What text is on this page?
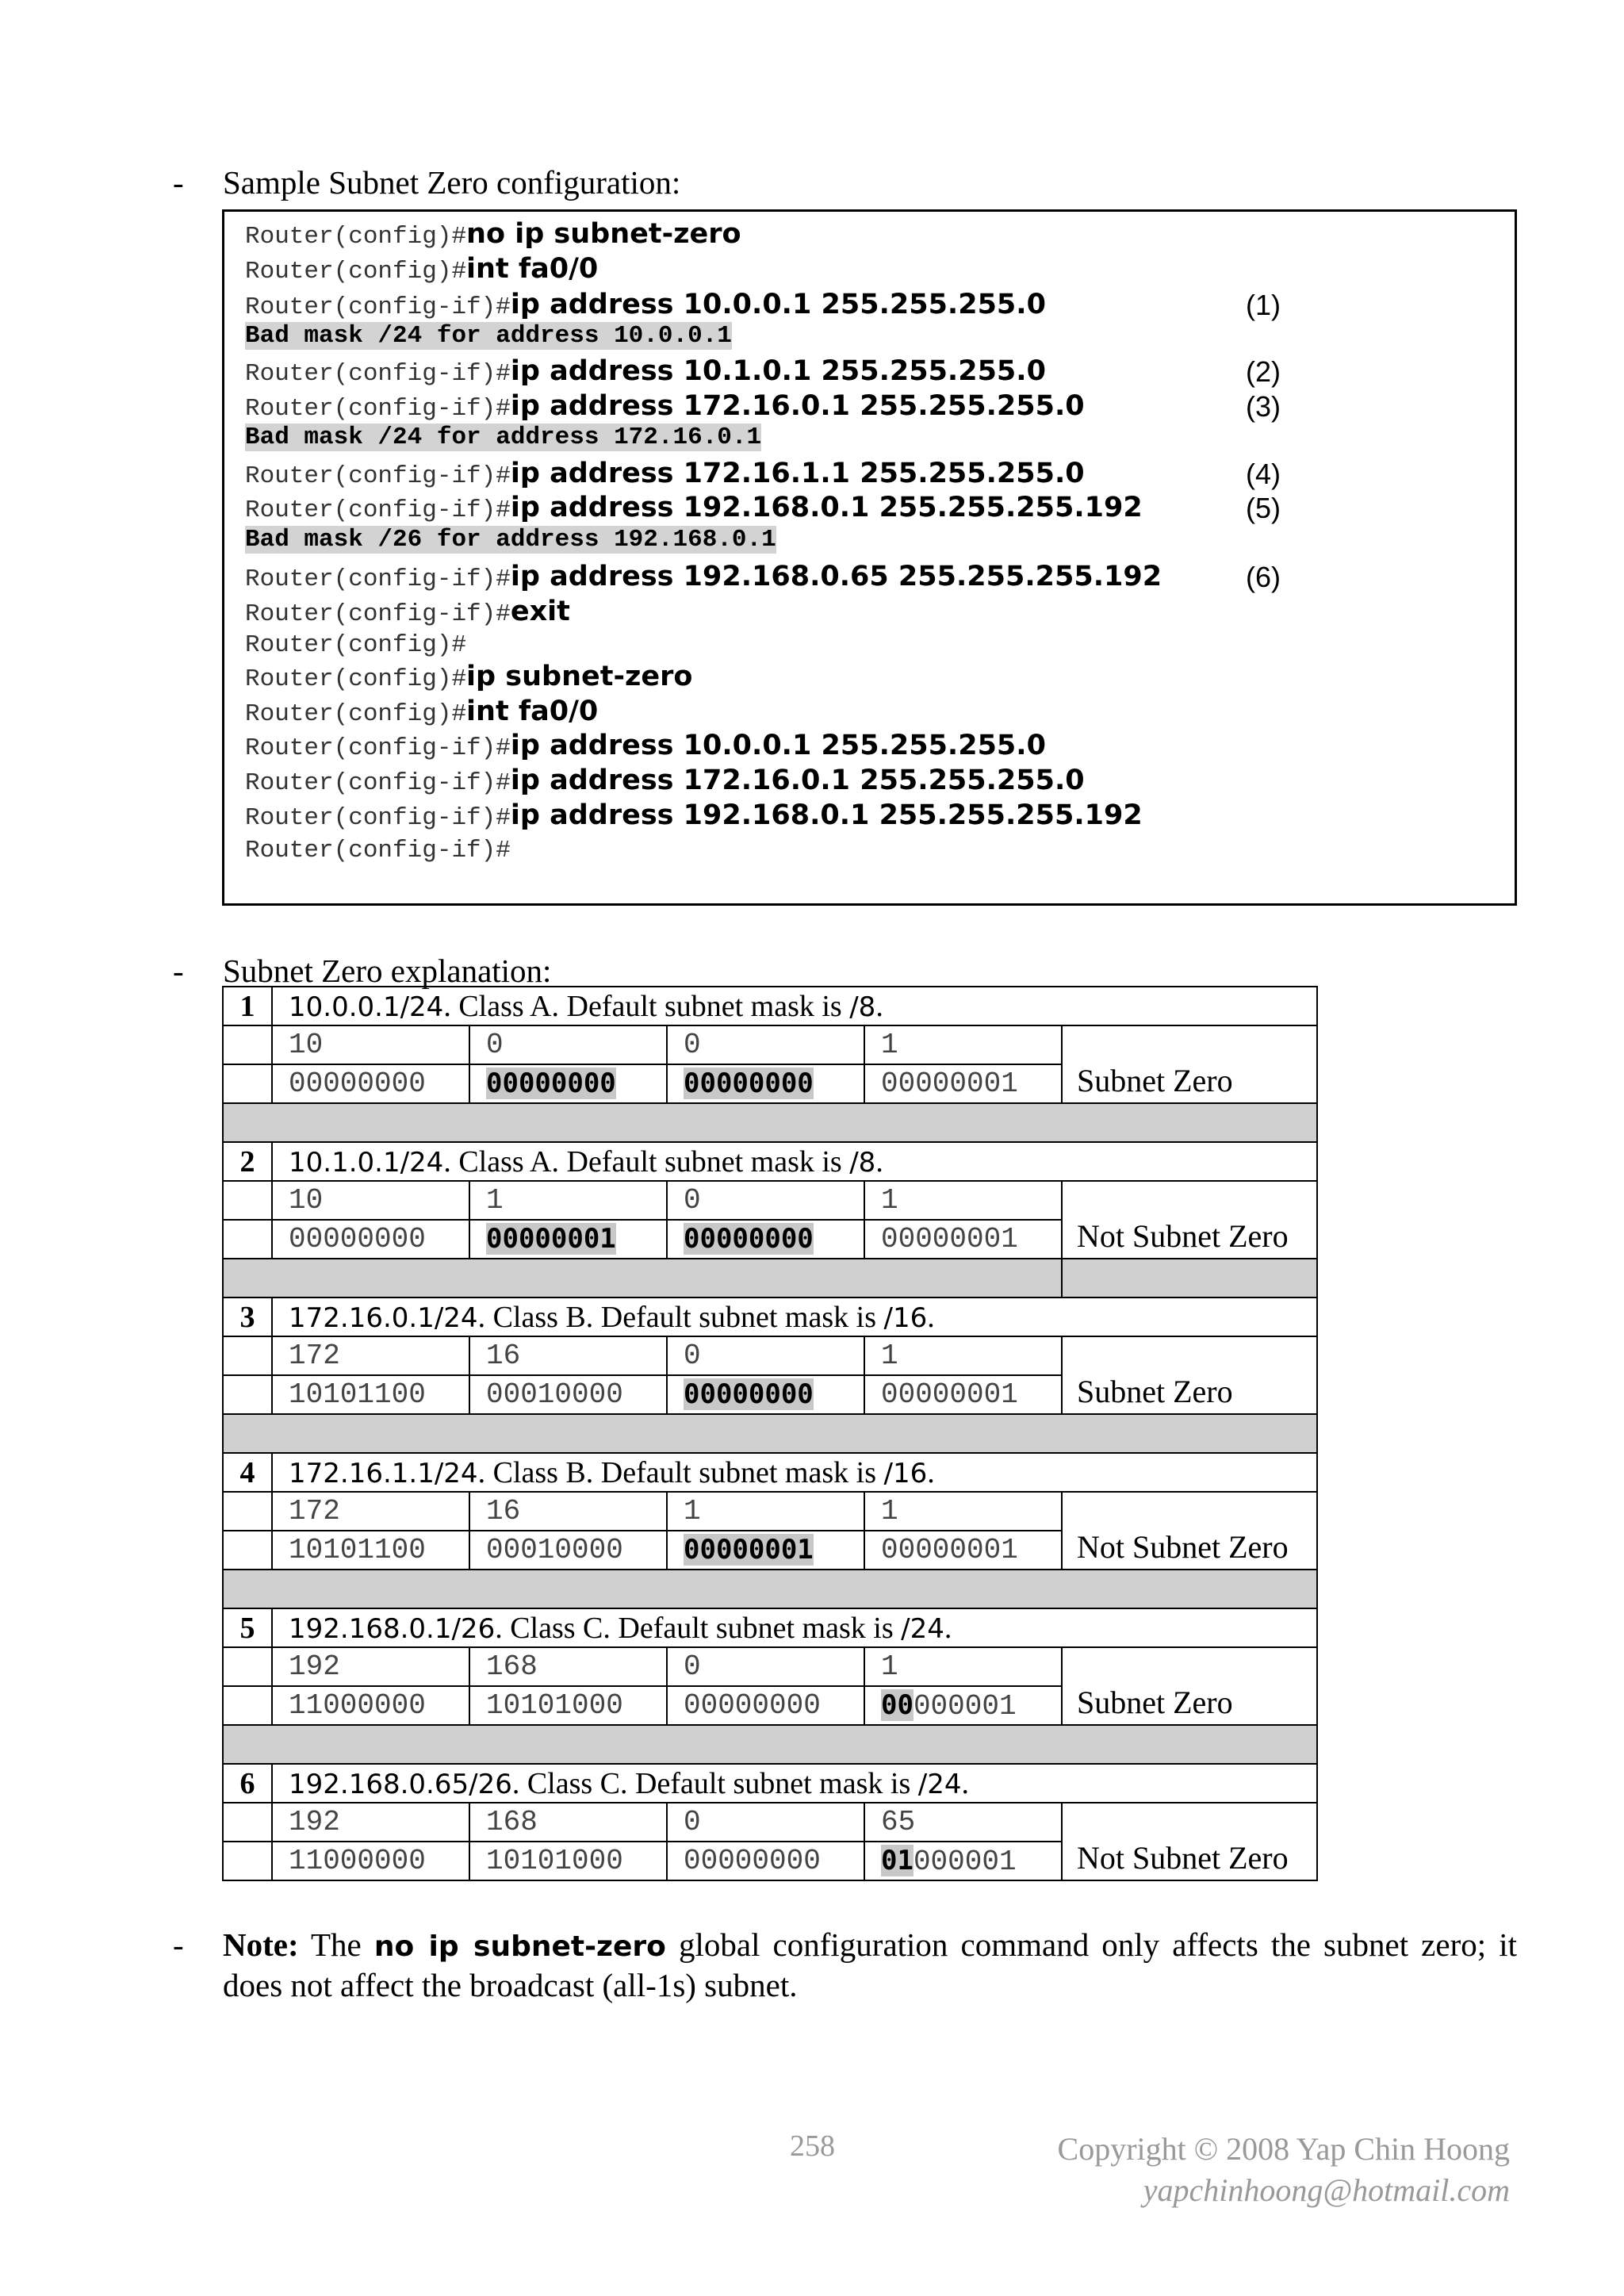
- Sample Subnet Zero configuration:
Router(config)#no ip subnet-zero
Router(config)#int fa0/0
Router(config-if)#ip address 10.0.0.1 255.255.255.0	(1)
Bad mask /24 for address 10.0.0.1
Router(config-if)#ip address 10.1.0.1 255.255.255.0	(2)
Router(config-if)#ip address 172.16.0.1 255.255.255.0	(3)
Bad mask /24 for address 172.16.0.1
Router(config-if)#ip address 172.16.1.1 255.255.255.0	(4)
Router(config-if)#ip address 192.168.0.1 255.255.255.192	(5)
Bad mask /26 for address 192.168.0.1
Router(config-if)#ip address 192.168.0.65 255.255.255.192	(6)
Router(config-if)#exit
Router(config)#
Router(config)#ip subnet-zero
Router(config)#int fa0/0
Router(config-if)#ip address 10.0.0.1 255.255.255.0
Router(config-if)#ip address 172.16.0.1 255.255.255.0
Router(config-if)#ip address 192.168.0.1 255.255.255.192
Router(config-if)#
- Subnet Zero explanation:
1	10.0.0.1/24. Class A. Default subnet mask is /8.				
	10	0	0	1	Subnet Zero
	00000000	00000000	00000000	00000001	

2	10.1.0.1/24. Class A. Default subnet mask is /8.				
	10	1	0	1	Not Subnet Zero
	00000000	00000001	00000000	00000001	

3	172.16.0.1/24. Class B. Default subnet mask is /16.				
	172	16	0	1	Subnet Zero
	10101100	00010000	00000000	00000001	

4	172.16.1.1/24. Class B. Default subnet mask is /16.				
	172	16	1	1	Not Subnet Zero
	10101100	00010000	00000001	00000001	

5	192.168.0.1/26. Class C. Default subnet mask is /24.				
	192	168	0	1	Subnet Zero
	11000000	10101000	00000000	00000001	

6	192.168.0.65/26. Class C. Default subnet mask is /24.				
	192	168	0	65	Not Subnet Zero
	11000000	10101000	00000000	01000001	
- Note: The no ip subnet-zero global configuration command only affects the subnet zero; it does not affect the broadcast (all-1s) subnet.
258	Copyright © 2008 Yap Chin Hoong
yapchinhoong@hotmail.com
